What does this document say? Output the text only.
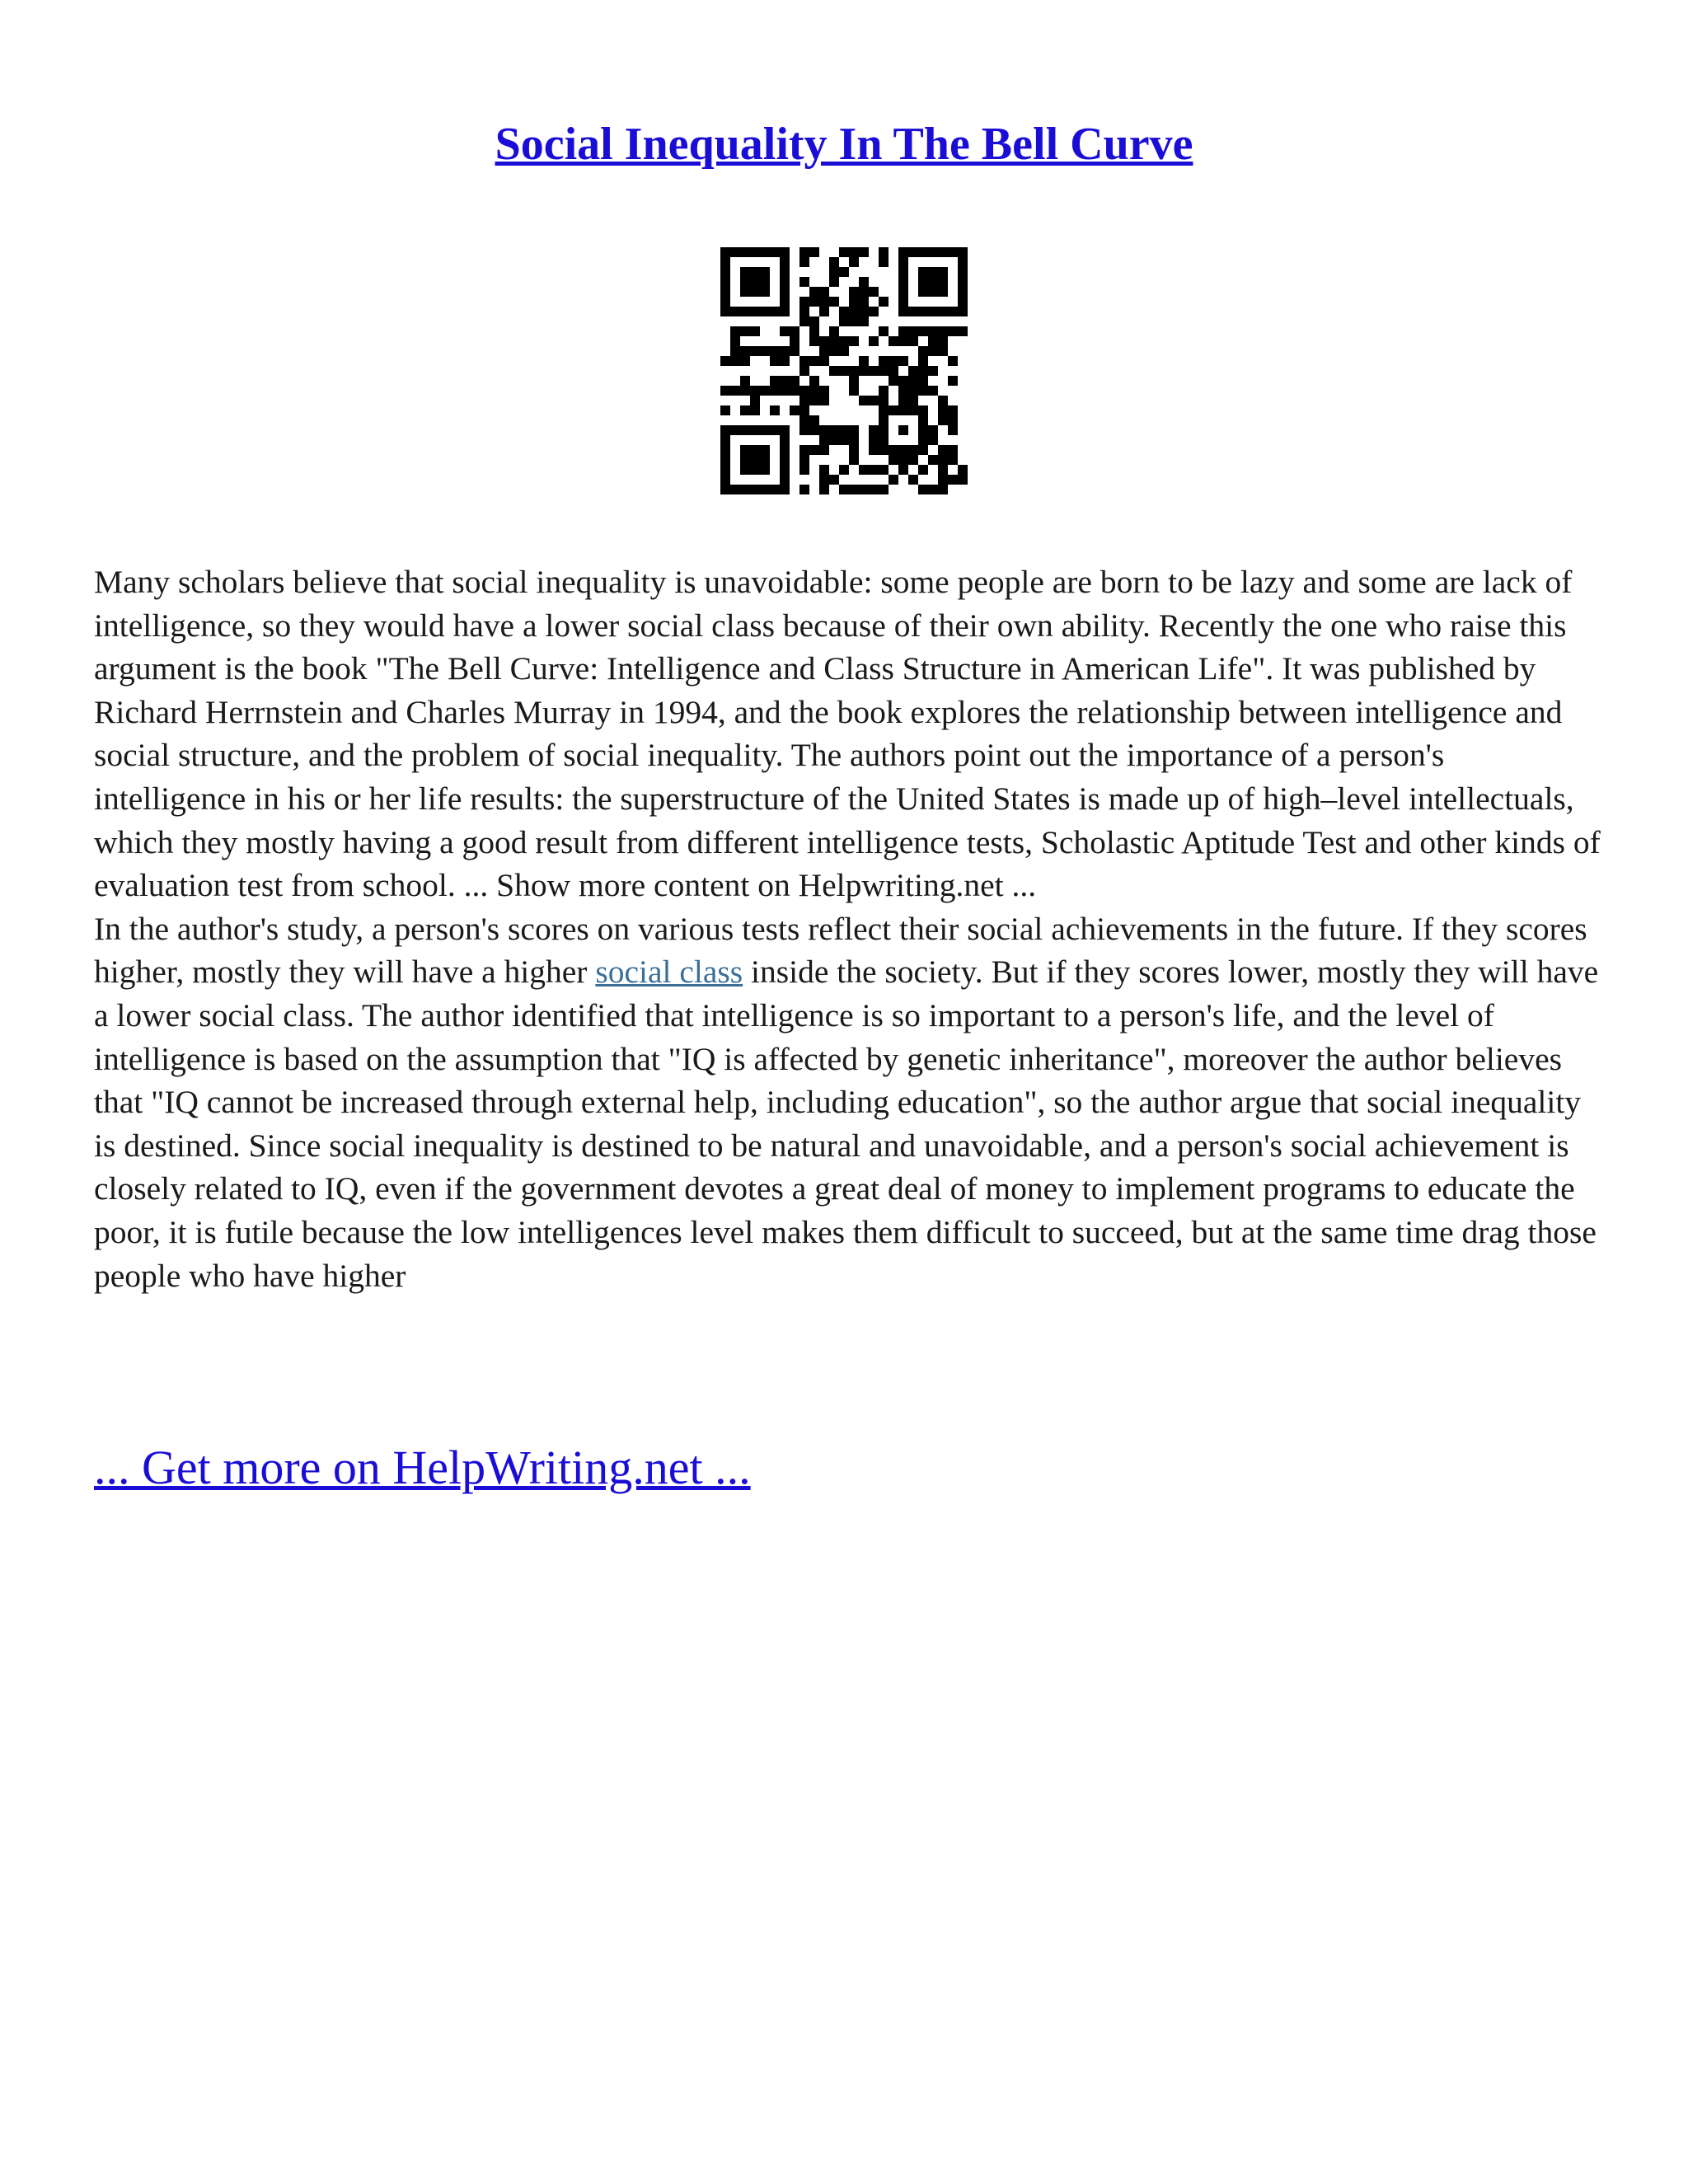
Social Inequality In The Bell Curve

Many scholars believe that social inequality is unavoidable: some people are born to be lazy and some are lack of intelligence, so they would have a lower social class because of their own ability. Recently the one who raise this argument is the book "The Bell Curve: Intelligence and Class Structure in American Life". It was published by Richard Herrnstein and Charles Murray in 1994, and the book explores the relationship between intelligence and social structure, and the problem of social inequality. The authors point out the importance of a person's intelligence in his or her life results: the superstructure of the United States is made up of high–level intellectuals, which they mostly having a good result from different intelligence tests, Scholastic Aptitude Test and other kinds of evaluation test from school. ... Show more content on Helpwriting.net ...

In the author's study, a person's scores on various tests reflect their social achievements in the future. If they scores higher, mostly they will have a higher social class inside the society. But if they scores lower, mostly they will have a lower social class. The author identified that intelligence is so important to a person's life, and the level of intelligence is based on the assumption that "IQ is affected by genetic inheritance", moreover the author believes that "IQ cannot be increased through external help, including education", so the author argue that social inequality is destined. Since social inequality is destined to be natural and unavoidable, and a person's social achievement is closely related to IQ, even if the government devotes a great deal of money to implement programs to educate the poor, it is futile because the low intelligences level makes them difficult to succeed, but at the same time drag those people who have higher

... Get more on HelpWriting.net ...
